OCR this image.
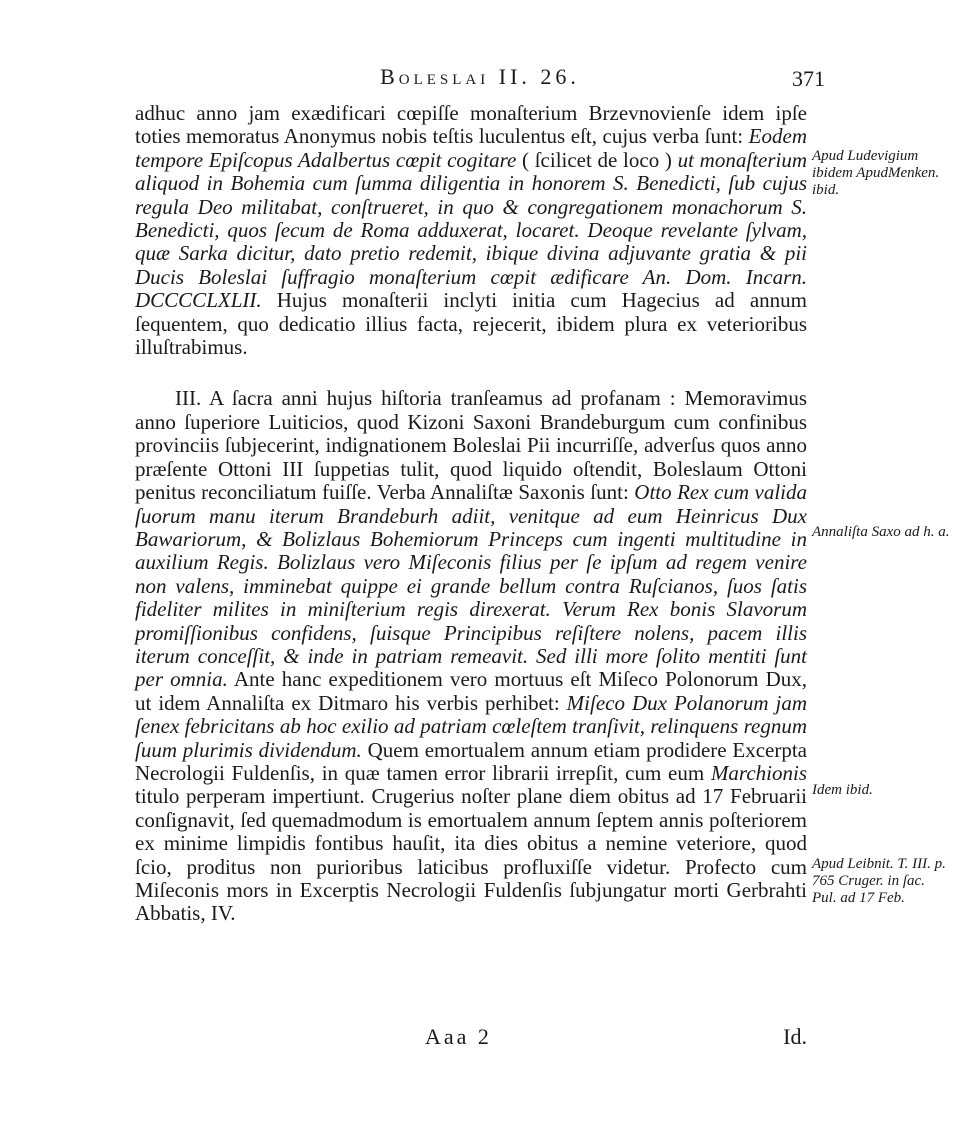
Boleslai II. 26.	371

adhuc anno jam exædificari cœpiſſe monaſterium Brzevnovienſe idem ipſe toties memoratus Anonymus nobis teſtis luculentus eſt, cujus verba ſunt: Eodem tempore Epiſcopus Adalbertus cœpit cogitare ( ſcilicet de loco ) ut monaſterium aliquod in Bohemia cum ſumma diligentia in honorem S. Benedicti, ſub cujus regula Deo militabat, conſtrueret, in quo & congregationem monachorum S. Benedicti, quos ſecum de Roma adduxerat, locaret. Deoque revelante ſylvam, quæ Sarka dicitur, dato pretio redemit, ibique divina adjuvante gratia & pii Ducis Boleslai ſuffragio monaſterium cœpit ædificare An. Dom. Incarn. DCCCCLXLII. Hujus monaſterii inclyti initia cum Hagecius ad annum ſequentem, quo dedicatio illius facta, rejecerit, ibidem plura ex veterioribus illuſtrabimus.

III. A ſacra anni hujus hiſtoria tranſeamus ad profanam : Memoravimus anno ſuperiore Luiticios, quod Kizoni Saxoni Brandeburgum cum confinibus provinciis ſubjecerint, indignationem Boleslai Pii incurriſſe, adverſus quos anno præſente Ottoni III ſuppetias tulit, quod liquido oſtendit, Boleslaum Ottoni penitus reconciliatum fuiſſe. Verba Annaliſtæ Saxonis ſunt: Otto Rex cum valida ſuorum manu iterum Brandeburh adiit, venitque ad eum Heinricus Dux Bawariorum, & Bolizlaus Bohemiorum Princeps cum ingenti multitudine in auxilium Regis. Bolizlaus vero Miſeconis filius per ſe ipſum ad regem venire non valens, imminebat quippe ei grande bellum contra Ruſcianos, ſuos ſatis fideliter milites in miniſterium regis direxerat. Verum Rex bonis Slavorum promiſſionibus confidens, ſuisque Principibus reſiſtere nolens, pacem illis iterum conceſſit, & inde in patriam remeavit. Sed illi more ſolito mentiti ſunt per omnia. Ante hanc expeditionem vero mortuus eſt Miſeco Polonorum Dux, ut idem Annaliſta ex Ditmaro his verbis perhibet: Miſeco Dux Polanorum jam ſenex febricitans ab hoc exilio ad patriam cœleſtem tranſivit, relinquens regnum ſuum plurimis dividendum. Quem emortualem annum etiam prodidere Excerpta Necrologii Fuldenſis, in quæ tamen error librarii irrepſit, cum eum Marchionis titulo perperam impertiunt. Crugerius noſter plane diem obitus ad 17 Februarii conſignavit, ſed quemadmodum is emortualem annum ſeptem annis poſteriorem ex minime limpidis fontibus hauſit, ita dies obitus a nemine veteriore, quod ſcio, proditus non purioribus laticibus profluxiſſe videtur. Profecto cum Miſeconis mors in Excerptis Necrologii Fuldenſis ſubjungatur morti Gerbrahti Abbatis, IV.

Apud Ludevigium ibidem ApudMenken. ibid.
Annaliſta Saxo ad h. a.
Idem ibid.
Apud Leibnit. T. III. p. 765 Cruger. in ſac. Pul. ad 17 Feb.
Aaa 2	Id.
